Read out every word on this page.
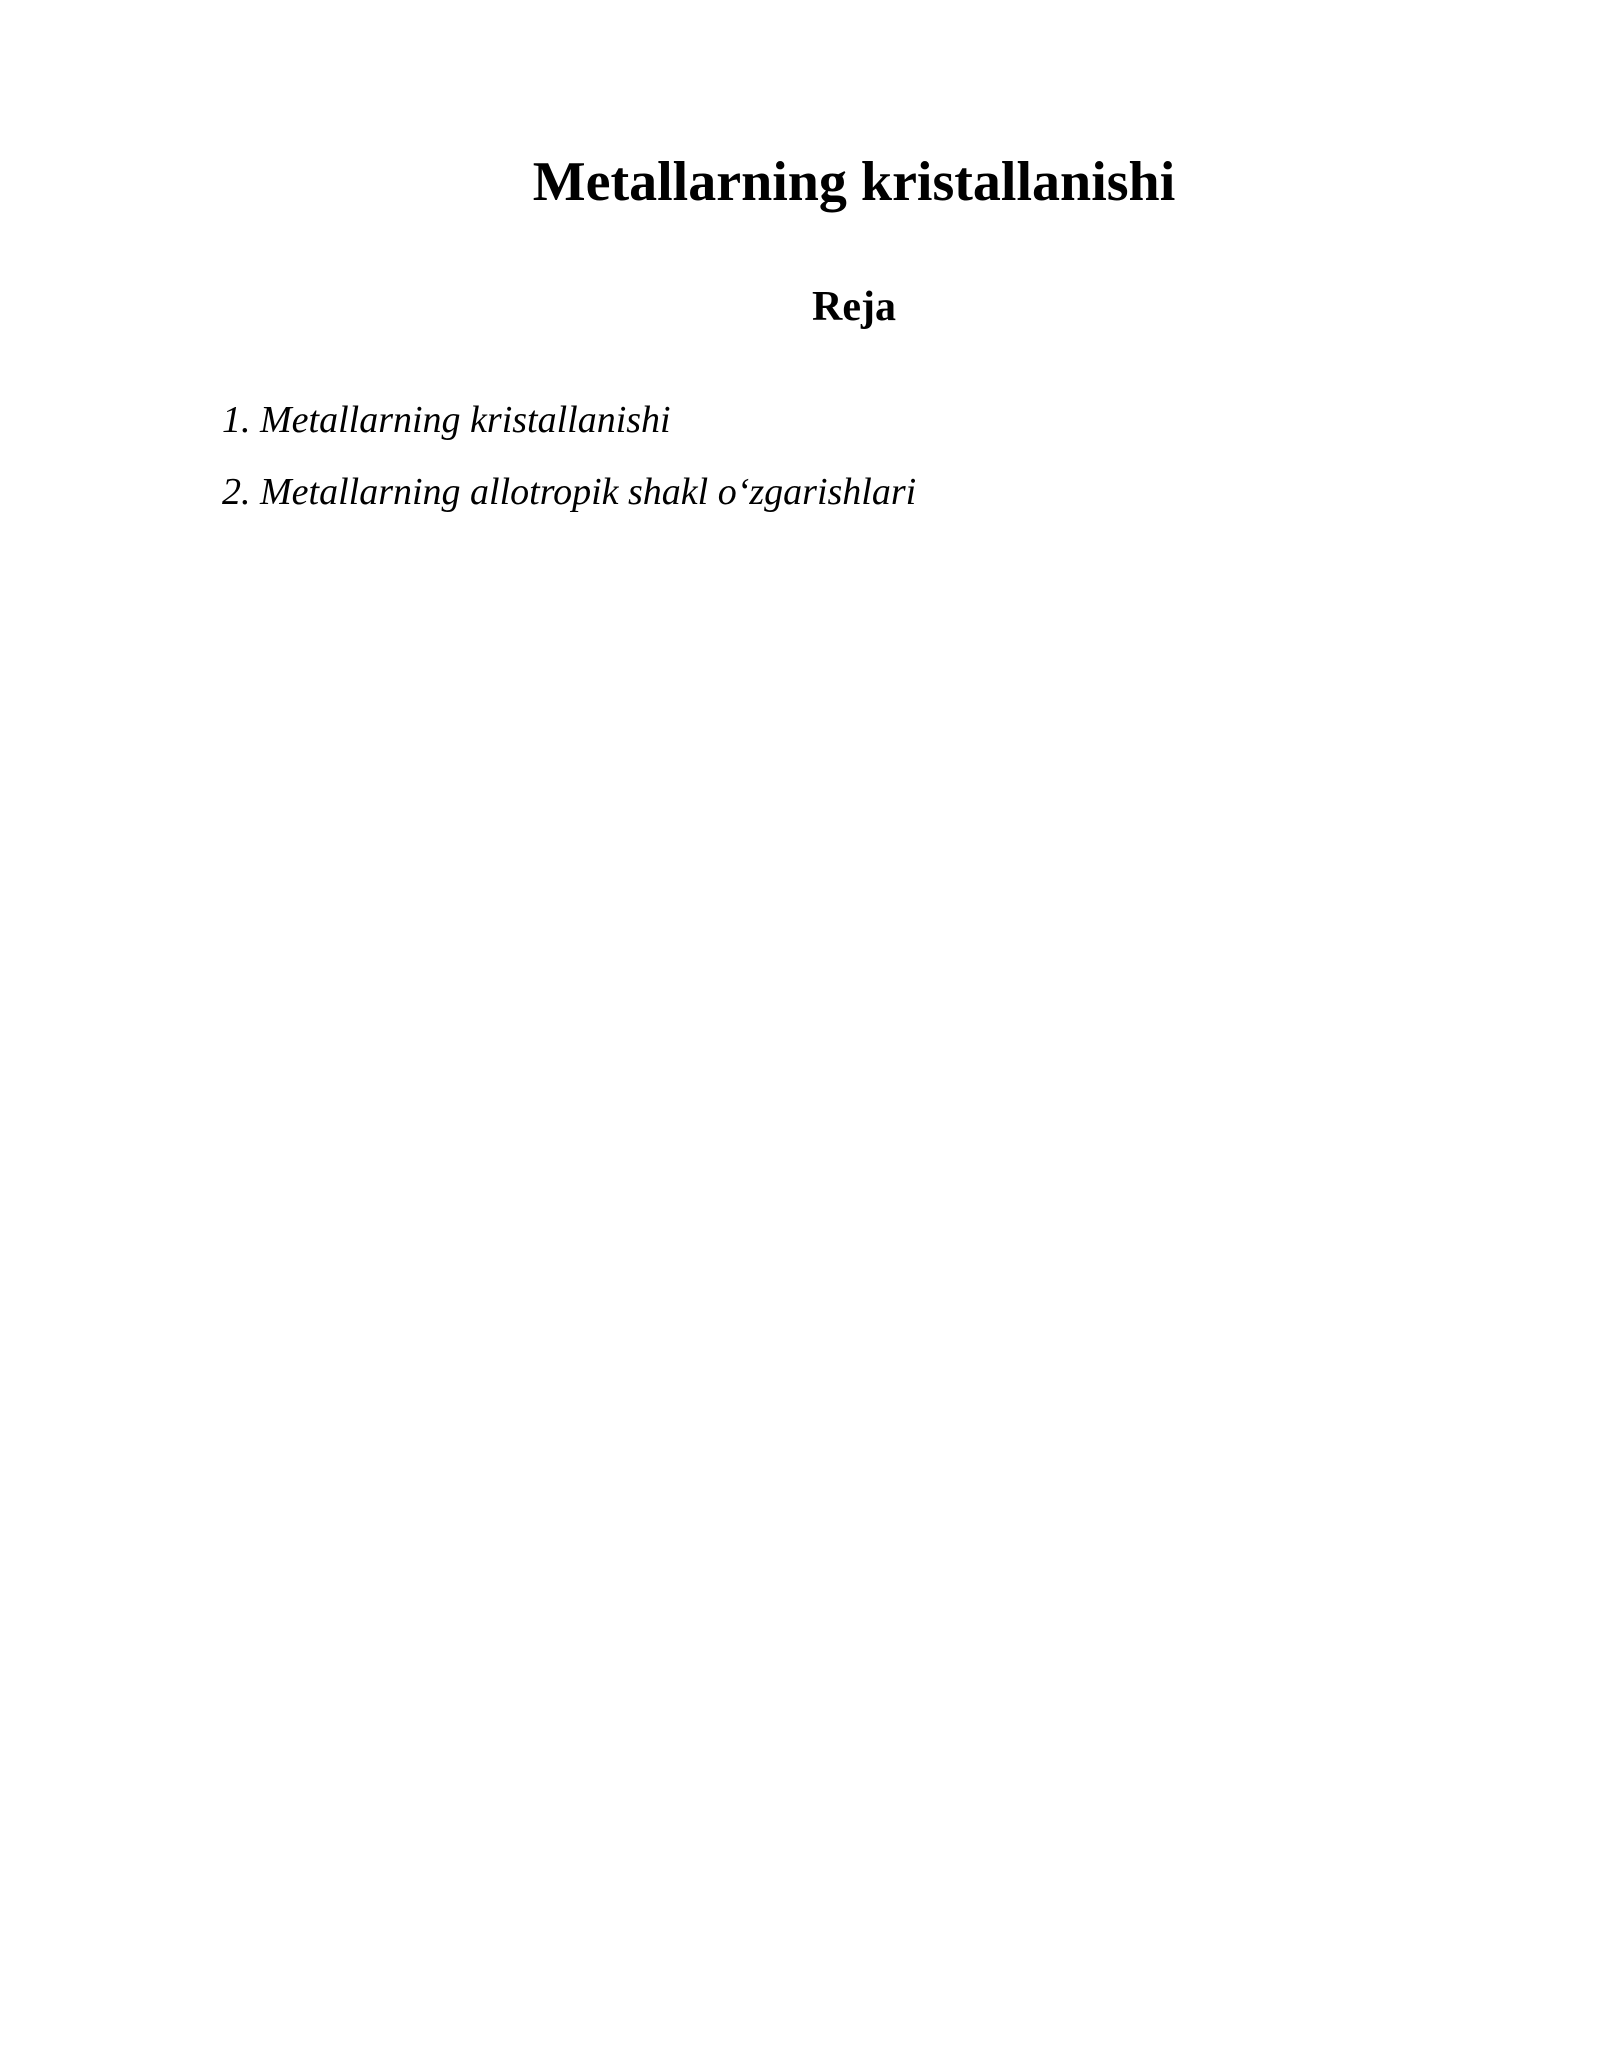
Metallarning kristallanishi
Reja
1. Metallarning kristallanishi
2. Metallarning allotropik shakl o‘zgarishlari
